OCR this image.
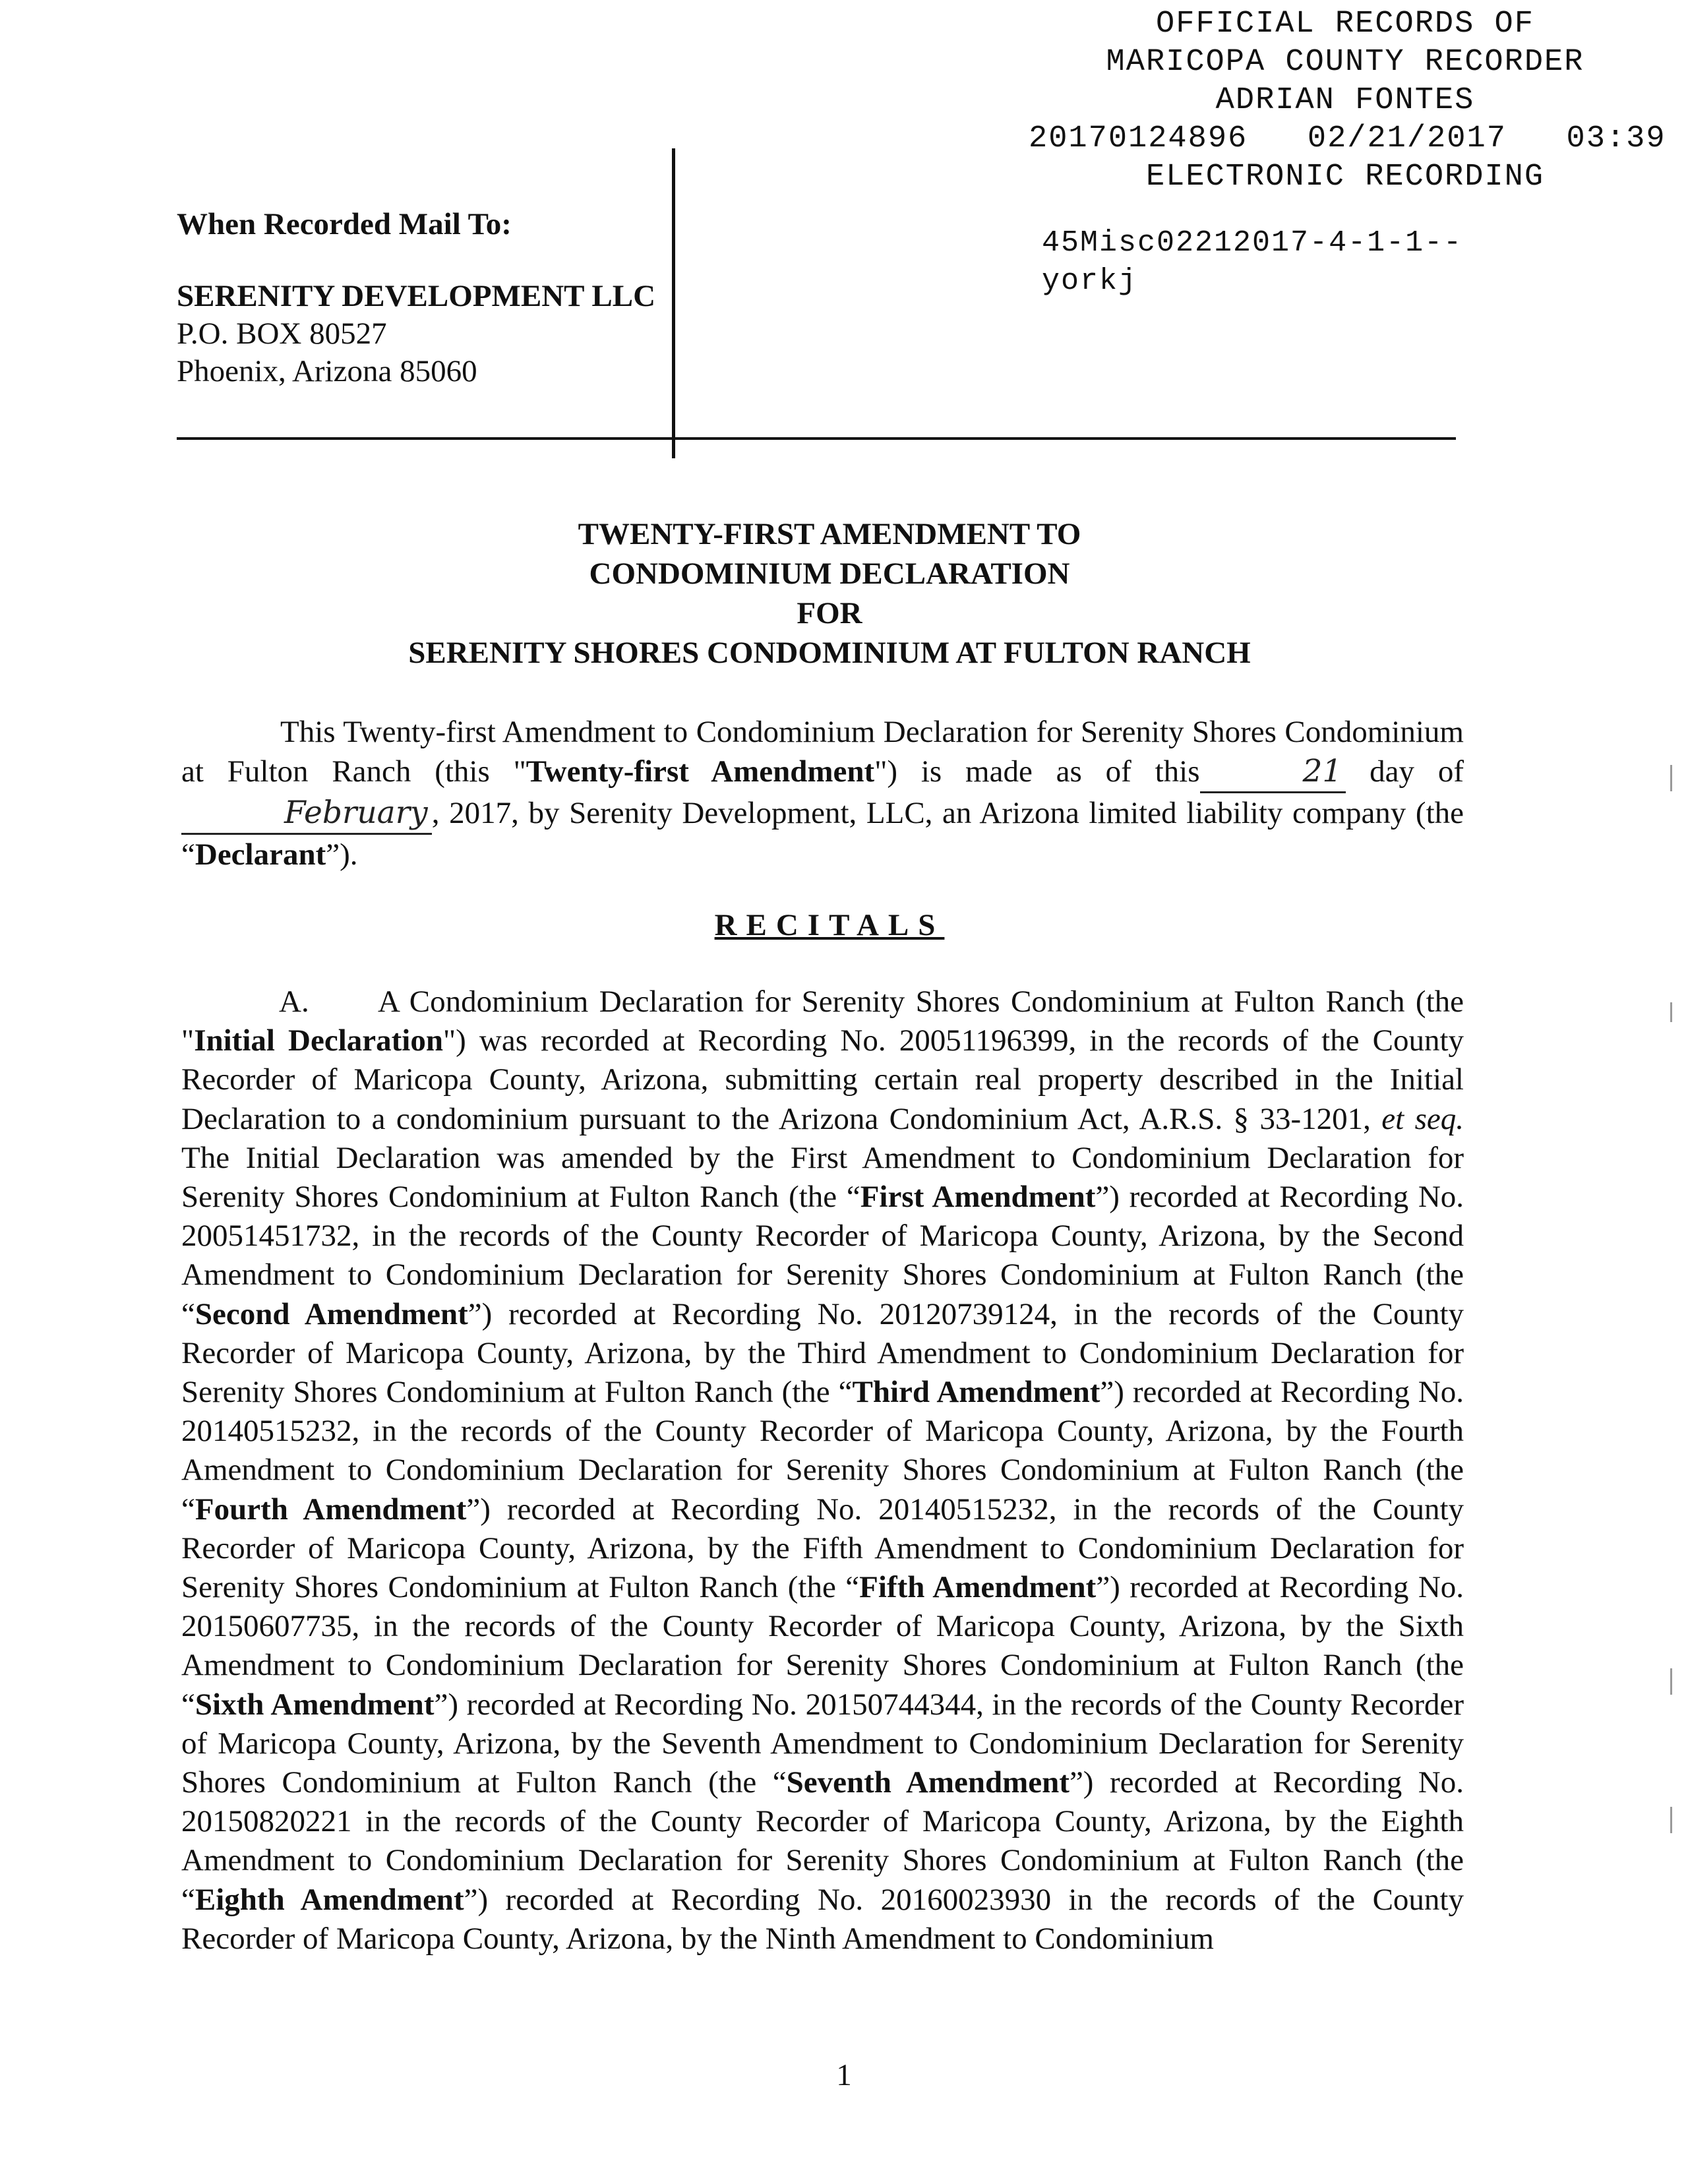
OFFICIAL RECORDS OF
MARICOPA COUNTY RECORDER
ADRIAN FONTES
20170124896   02/21/2017   03:39
ELECTRONIC RECORDING
45Misc02212017-4-1-1--
yorkj
When Recorded Mail To:
SERENITY DEVELOPMENT LLC
P.O. BOX 80527
Phoenix, Arizona 85060
TWENTY-FIRST AMENDMENT TO
CONDOMINIUM DECLARATION
FOR
SERENITY SHORES CONDOMINIUM AT FULTON RANCH
This Twenty-first Amendment to Condominium Declaration for Serenity Shores Condominium at Fulton Ranch (this "Twenty-first Amendment") is made as of this	21 day of February , 2017, by Serenity Development, LLC, an Arizona limited liability company (the “Declarant”).
RECITALS
A. A Condominium Declaration for Serenity Shores Condominium at Fulton Ranch (the "Initial Declaration") was recorded at Recording No. 20051196399, in the records of the County Recorder of Maricopa County, Arizona, submitting certain real property described in the Initial Declaration to a condominium pursuant to the Arizona Condominium Act, A.R.S. § 33-1201, et seq. The Initial Declaration was amended by the First Amendment to Condominium Declaration for Serenity Shores Condominium at Fulton Ranch (the “First Amendment”) recorded at Recording No. 20051451732, in the records of the County Recorder of Maricopa County, Arizona, by the Second Amendment to Condominium Declaration for Serenity Shores Condominium at Fulton Ranch (the “Second Amendment”) recorded at Recording No. 20120739124, in the records of the County Recorder of Maricopa County, Arizona, by the Third Amendment to Condominium Declaration for Serenity Shores Condominium at Fulton Ranch (the “Third Amendment”) recorded at Recording No. 20140515232, in the records of the County Recorder of Maricopa County, Arizona, by the Fourth Amendment to Condominium Declaration for Serenity Shores Condominium at Fulton Ranch (the “Fourth Amendment”) recorded at Recording No. 20140515232, in the records of the County Recorder of Maricopa County, Arizona, by the Fifth Amendment to Condominium Declaration for Serenity Shores Condominium at Fulton Ranch (the “Fifth Amendment”) recorded at Recording No. 20150607735, in the records of the County Recorder of Maricopa County, Arizona, by the Sixth Amendment to Condominium Declaration for Serenity Shores Condominium at Fulton Ranch (the “Sixth Amendment”) recorded at Recording No. 20150744344, in the records of the County Recorder of Maricopa County, Arizona, by the Seventh Amendment to Condominium Declaration for Serenity Shores Condominium at Fulton Ranch (the “Seventh Amendment”) recorded at Recording No. 20150820221 in the records of the County Recorder of Maricopa County, Arizona, by the Eighth Amendment to Condominium Declaration for Serenity Shores Condominium at Fulton Ranch (the “Eighth Amendment”) recorded at Recording No. 20160023930 in the records of the County Recorder of Maricopa County, Arizona, by the Ninth Amendment to Condominium
1
